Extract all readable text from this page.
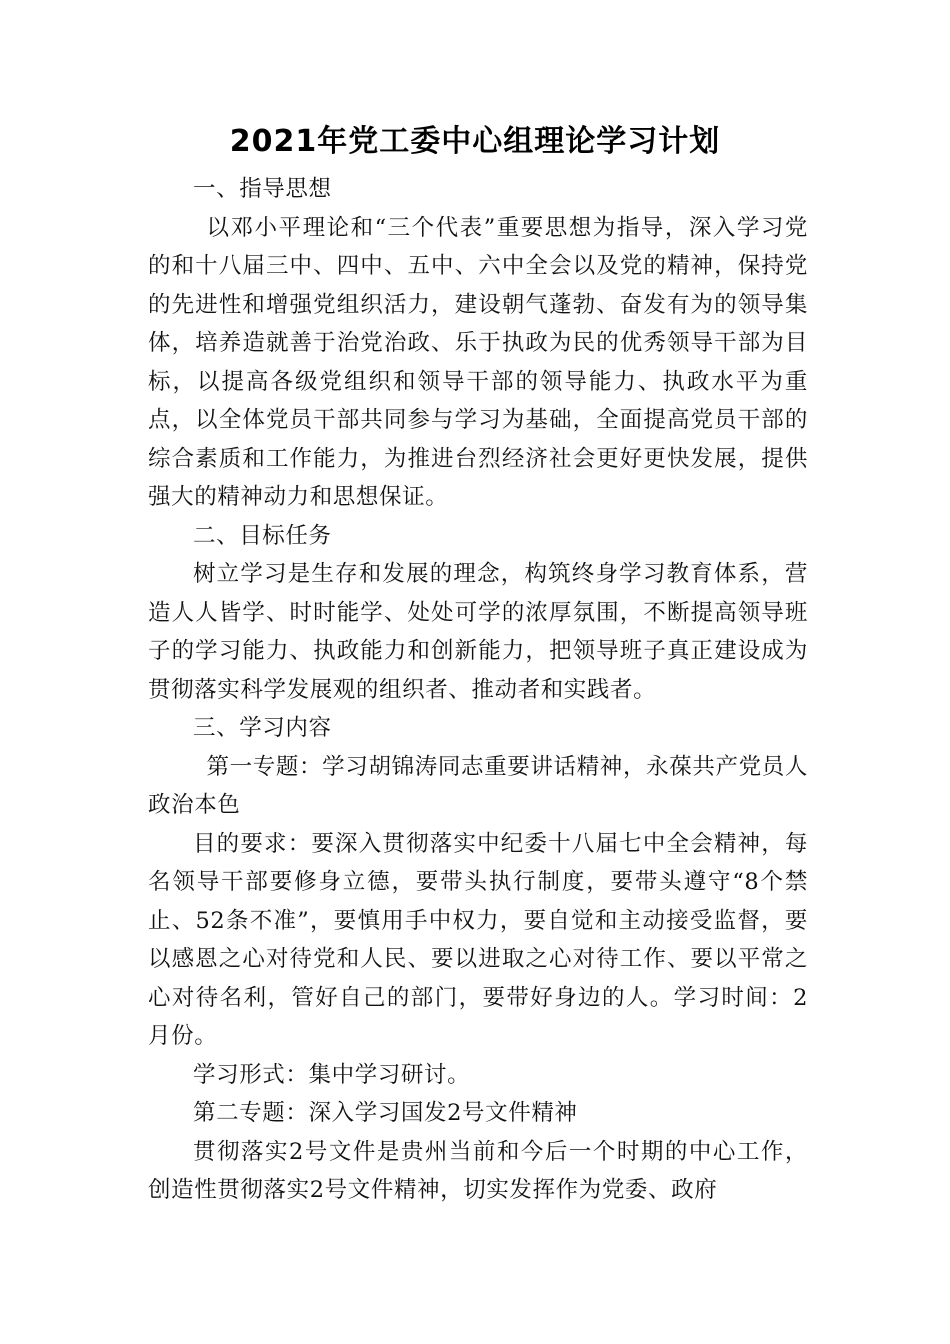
2021年党工委中心组理论学习计划

一、指导思想

以邓小平理论和“三个代表”重要思想为指导，深入学习党的和十八届三中、四中、五中、六中全会以及党的精神，保持党的先进性和增强党组织活力，建设朝气蓬勃、奋发有为的领导集体，培养造就善于治党治政、乐于执政为民的优秀领导干部为目标，以提高各级党组织和领导干部的领导能力、执政水平为重点，以全体党员干部共同参与学习为基础，全面提高党员干部的综合素质和工作能力，为推进台烈经济社会更好更快发展，提供强大的精神动力和思想保证。

二、目标任务

树立学习是生存和发展的理念，构筑终身学习教育体系，营造人人皆学、时时能学、处处可学的浓厚氛围，不断提高领导班子的学习能力、执政能力和创新能力，把领导班子真正建设成为贯彻落实科学发展观的组织者、推动者和实践者。

三、学习内容

第一专题：学习胡锦涛同志重要讲话精神，永葆共产党员人政治本色

目的要求：要深入贯彻落实中纪委十八届七中全会精神，每名领导干部要修身立德，要带头执行制度，要带头遵守“8个禁止、52条不准”，要慎用手中权力，要自觉和主动接受监督，要以感恩之心对待党和人民、要以进取之心对待工作、要以平常之心对待名利，管好自己的部门，要带好身边的人。学习时间：2月份。

学习形式：集中学习研讨。

第二专题：深入学习国发2号文件精神

贯彻落实2号文件是贵州当前和今后一个时期的中心工作，创造性贯彻落实2号文件精神，切实发挥作为党委、政府
